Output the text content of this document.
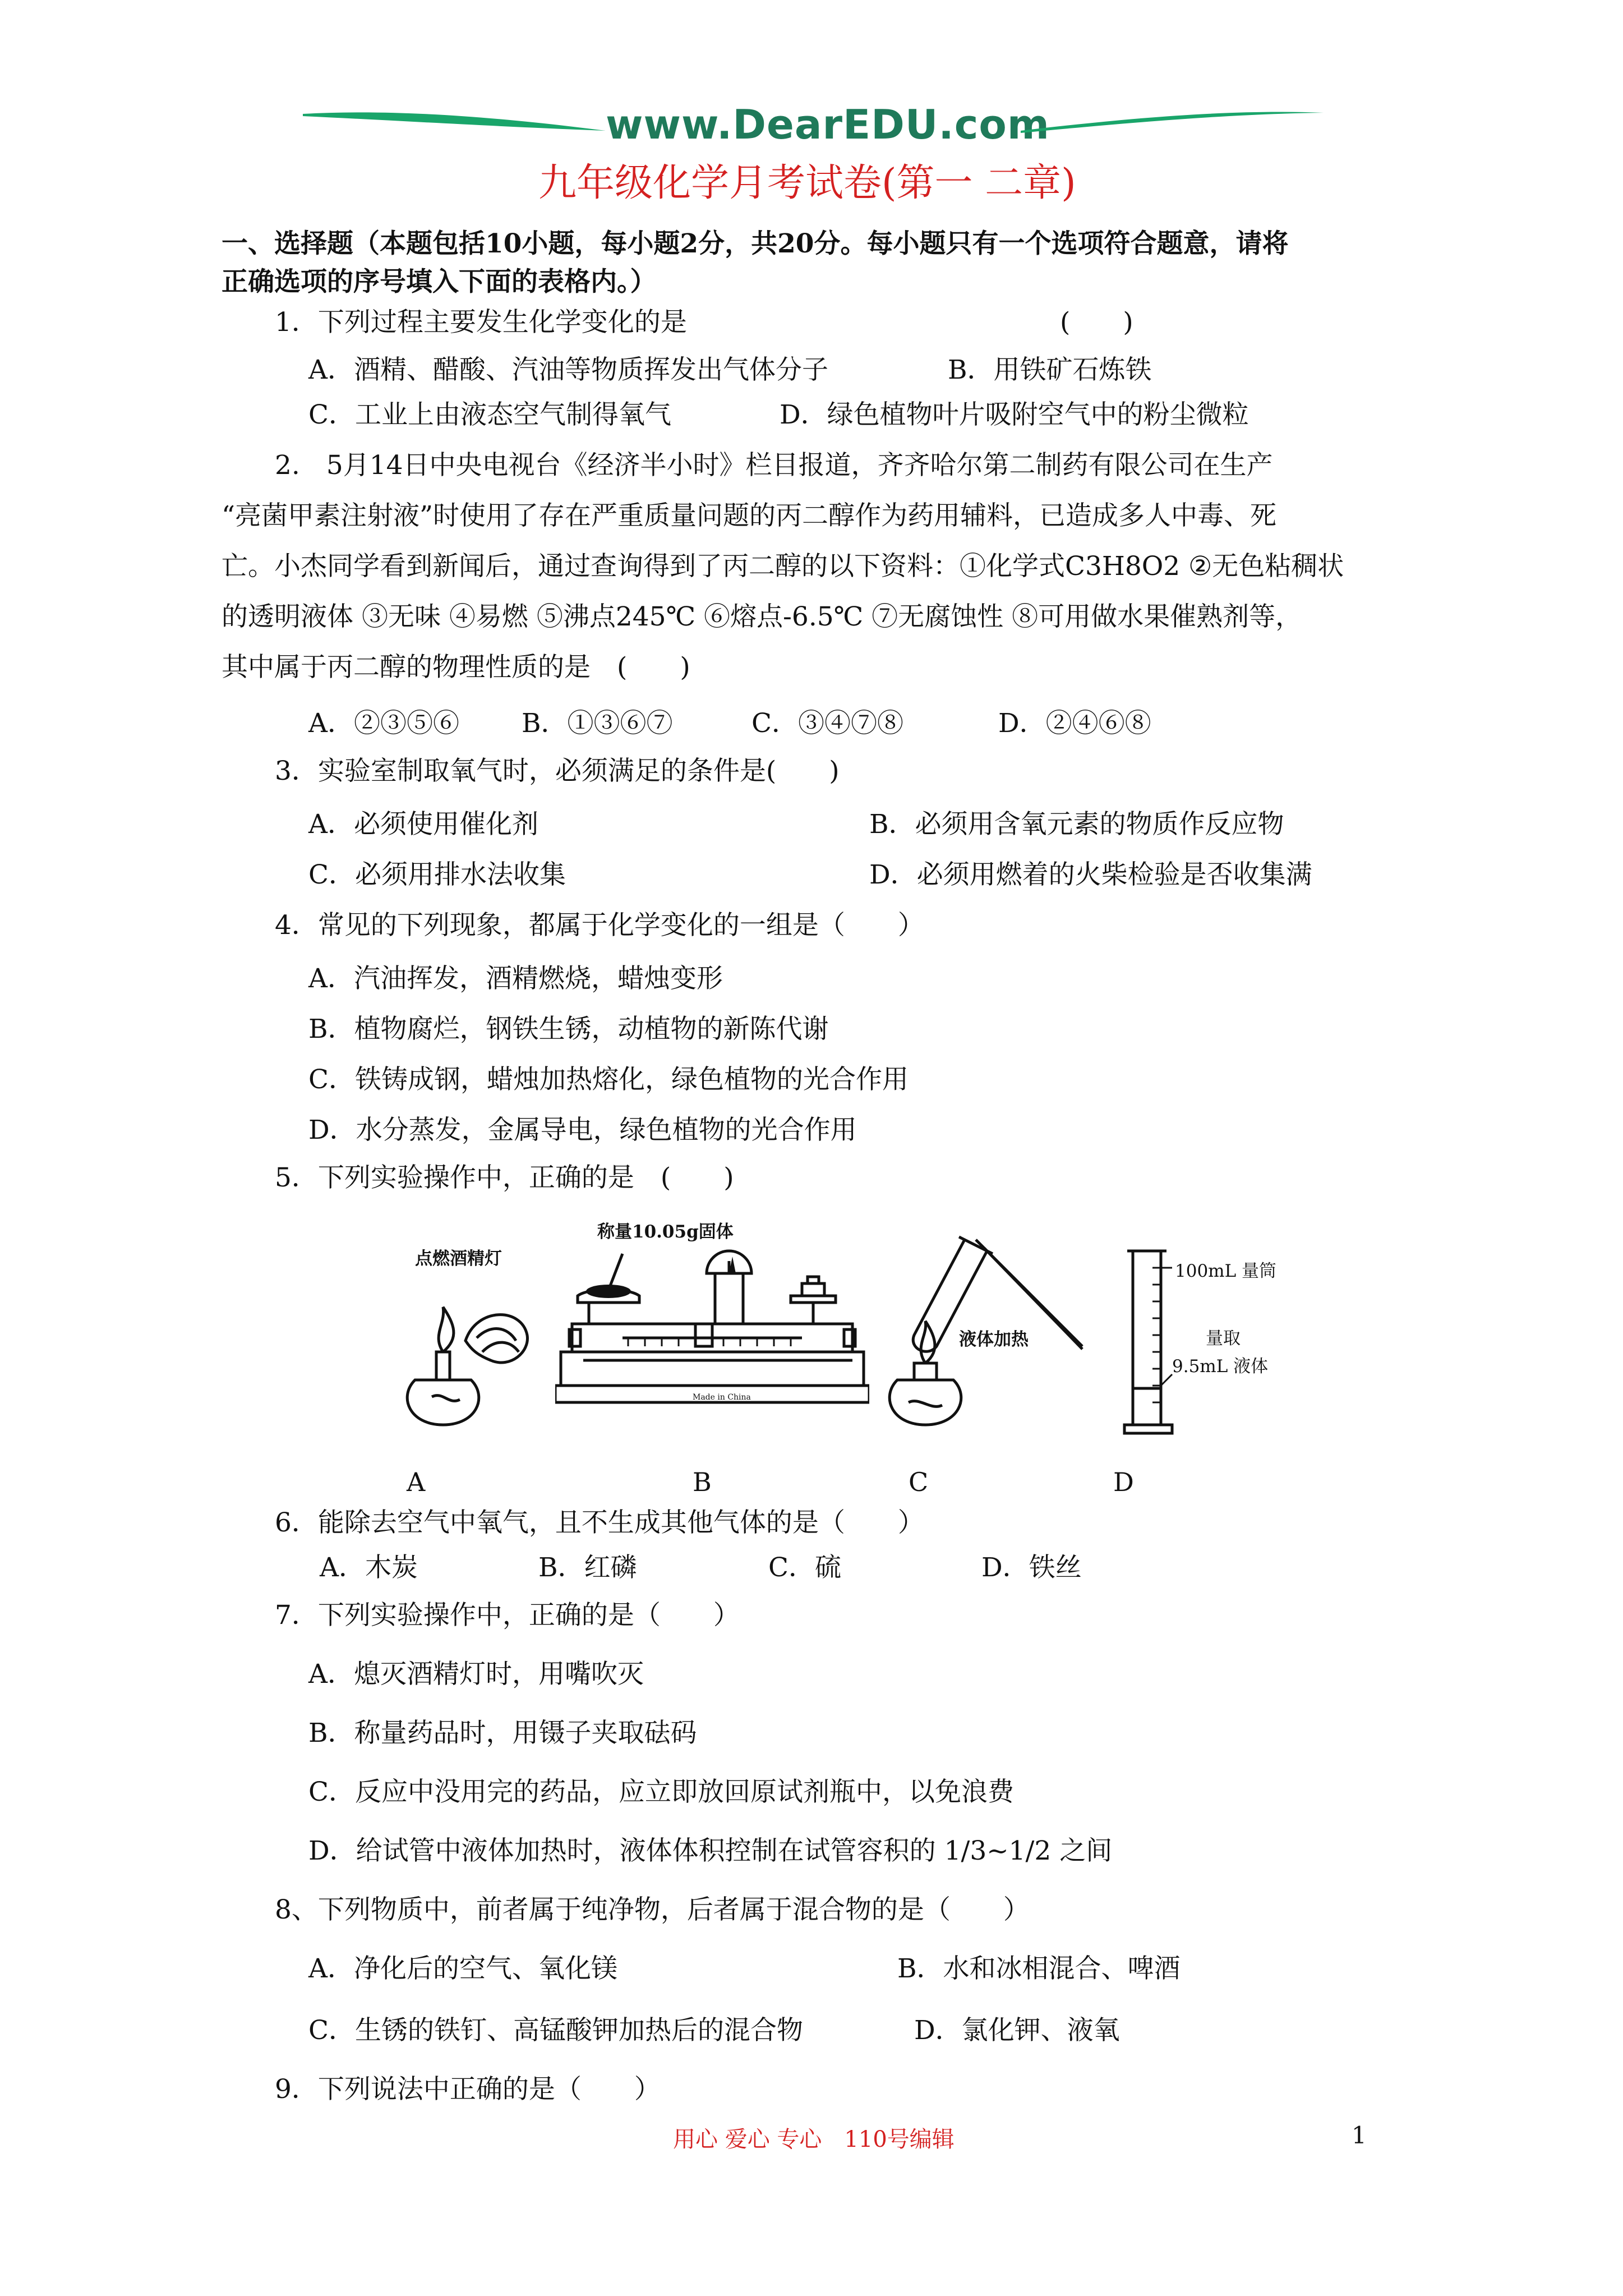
www.DearEDU.com
九年级化学月考试卷(第一 二章)
一、选择题（本题包括10小题，每小题2分，共20分。每小题只有一个选项符合题意，请将
正确选项的序号填入下面的表格内。）
1．下列过程主要发生化学变化的是	(　　)
A．酒精、醋酸、汽油等物质挥发出气体分子	B．用铁矿石炼铁
C．工业上由液态空气制得氧气	D．绿色植物叶片吸附空气中的粉尘微粒
2.　5月14日中央电视台《经济半小时》栏目报道，齐齐哈尔第二制药有限公司在生产
“亮菌甲素注射液”时使用了存在严重质量问题的丙二醇作为药用辅料，已造成多人中毒、死
亡。小杰同学看到新闻后，通过查询得到了丙二醇的以下资料：①化学式C3H8O2 ②无色粘稠状
的透明液体 ③无味 ④易燃 ⑤沸点245℃ ⑥熔点-6.5℃ ⑦无腐蚀性 ⑧可用做水果催熟剂等，
其中属于丙二醇的物理性质的是　(　　)
A．②③⑤⑥ B．①③⑥⑦	C．③④⑦⑧	D．②④⑥⑧
3．实验室制取氧气时，必须满足的条件是(　　)
A．必须使用催化剂	B．必须用含氧元素的物质作反应物
C．必须用排水法收集	D．必须用燃着的火柴检验是否收集满
4．常见的下列现象，都属于化学变化的一组是（　　）
A．汽油挥发，酒精燃烧，蜡烛变形
B．植物腐烂，钢铁生锈，动植物的新陈代谢
C．铁铸成钢，蜡烛加热熔化，绿色植物的光合作用
D．水分蒸发，金属导电，绿色植物的光合作用
5．下列实验操作中，正确的是　(　　)
点燃酒精灯
A
称量10.05g固体
Made in China
B
液体加热
C
100mL 量筒
量取
9.5mL 液体
D
6．能除去空气中氧气，且不生成其他气体的是（　　）
A．木炭	B．红磷	C．硫	D．铁丝
7．下列实验操作中，正确的是（　　）
A．熄灭酒精灯时，用嘴吹灭
B．称量药品时，用镊子夹取砝码
C．反应中没用完的药品，应立即放回原试剂瓶中，以免浪费
D．给试管中液体加热时，液体体积控制在试管容积的 1/3~1/2 之间
8、下列物质中，前者属于纯净物，后者属于混合物的是（　　）
A．净化后的空气、氧化镁	B．水和冰相混合、啤酒
C．生锈的铁钉、高锰酸钾加热后的混合物	D．氯化钾、液氧
9．下列说法中正确的是（　　）
用心 爱心 专心　110号编辑	1
